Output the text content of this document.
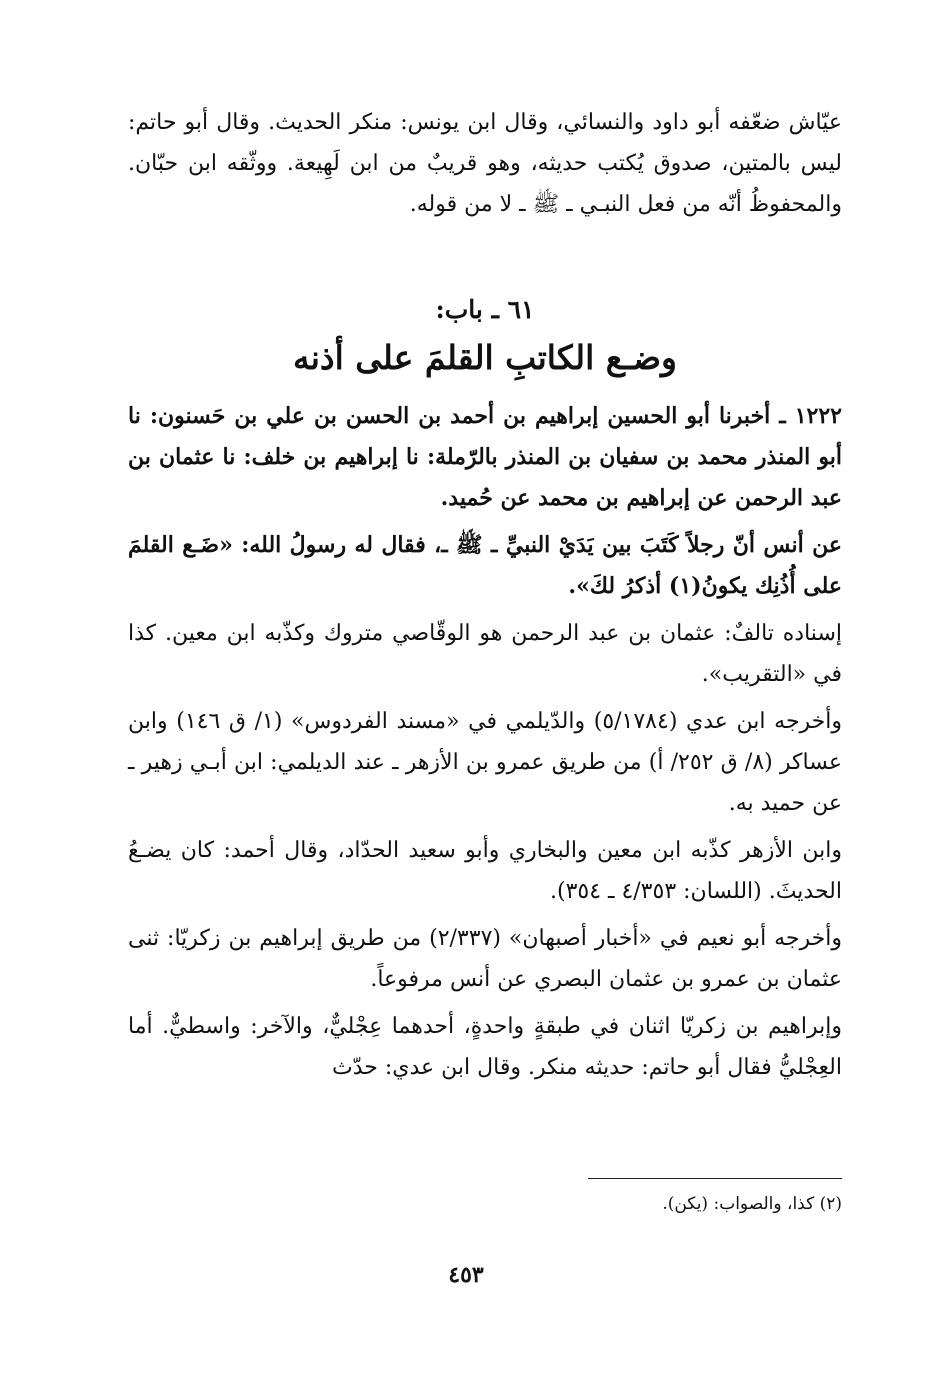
عيّاش ضعّفه أبو داود والنسائي، وقال ابن يونس: منكر الحديث. وقال أبو حاتم: ليس بالمتين، صدوق يُكتب حديثه، وهو قريبٌ من ابن لَهِيعة. ووثّقه ابن حبّان. والمحفوظُ أنّه من فعل النبـي ـ ﷺ ـ لا من قوله.

٦١ ـ باب:
وضـع الكاتبِ القلمَ على أذنه

١٢٢٢ ـ أخبرنا أبو الحسين إبراهيم بن أحمد بن الحسن بن علي بن حَسنون: نا أبو المنذر محمد بن سفيان بن المنذر بالرّملة: نا إبراهيم بن خلف: نا عثمان بن عبد الرحمن عن إبراهيم بن محمد عن حُميد.

عن أنس أنّ رجلاً كَتَبَ بين يَدَيْ النبيِّ ـ ﷺ ـ، فقال له رسولُ الله: «ضَـع القلمَ على أُذُنِك يكونُ(١) أذكرُ لكَ».

إسناده تالفٌ: عثمان بن عبد الرحمن هو الوقّاصي متروك وكذّبه ابن معين. كذا في «التقريب».

وأخرجه ابن عدي (٥/١٧٨٤) والدّيلمي في «مسند الفردوس» (١/ ق ١٤٦) وابن عساكر (٨/ ق ٢٥٢/ أ) من طريق عمرو بن الأزهر ـ عند الديلمي: ابن أبـي زهير ـ عن حميد به.

وابن الأزهر كذّبه ابن معين والبخاري وأبو سعيد الحدّاد، وقال أحمد: كان يضـعُ الحديثَ. (اللسان: ٤/٣٥٣ ـ ٣٥٤).

وأخرجه أبو نعيم في «أخبار أصبهان» (٢/٣٣٧) من طريق إبراهيم بن زكريّا: ثنى عثمان بن عمرو بن عثمان البصري عن أنس مرفوعاً.

وإبراهيم بن زكريّا اثنان في طبقةٍ واحدةٍ، أحدهما عِجْليٌّ، والآخر: واسطيٌّ. أما العِجْليُّ فقال أبو حاتم: حديثه منكر. وقال ابن عدي: حدّث

(٢) كذا، والصواب: (يكن).
٤٥٣
